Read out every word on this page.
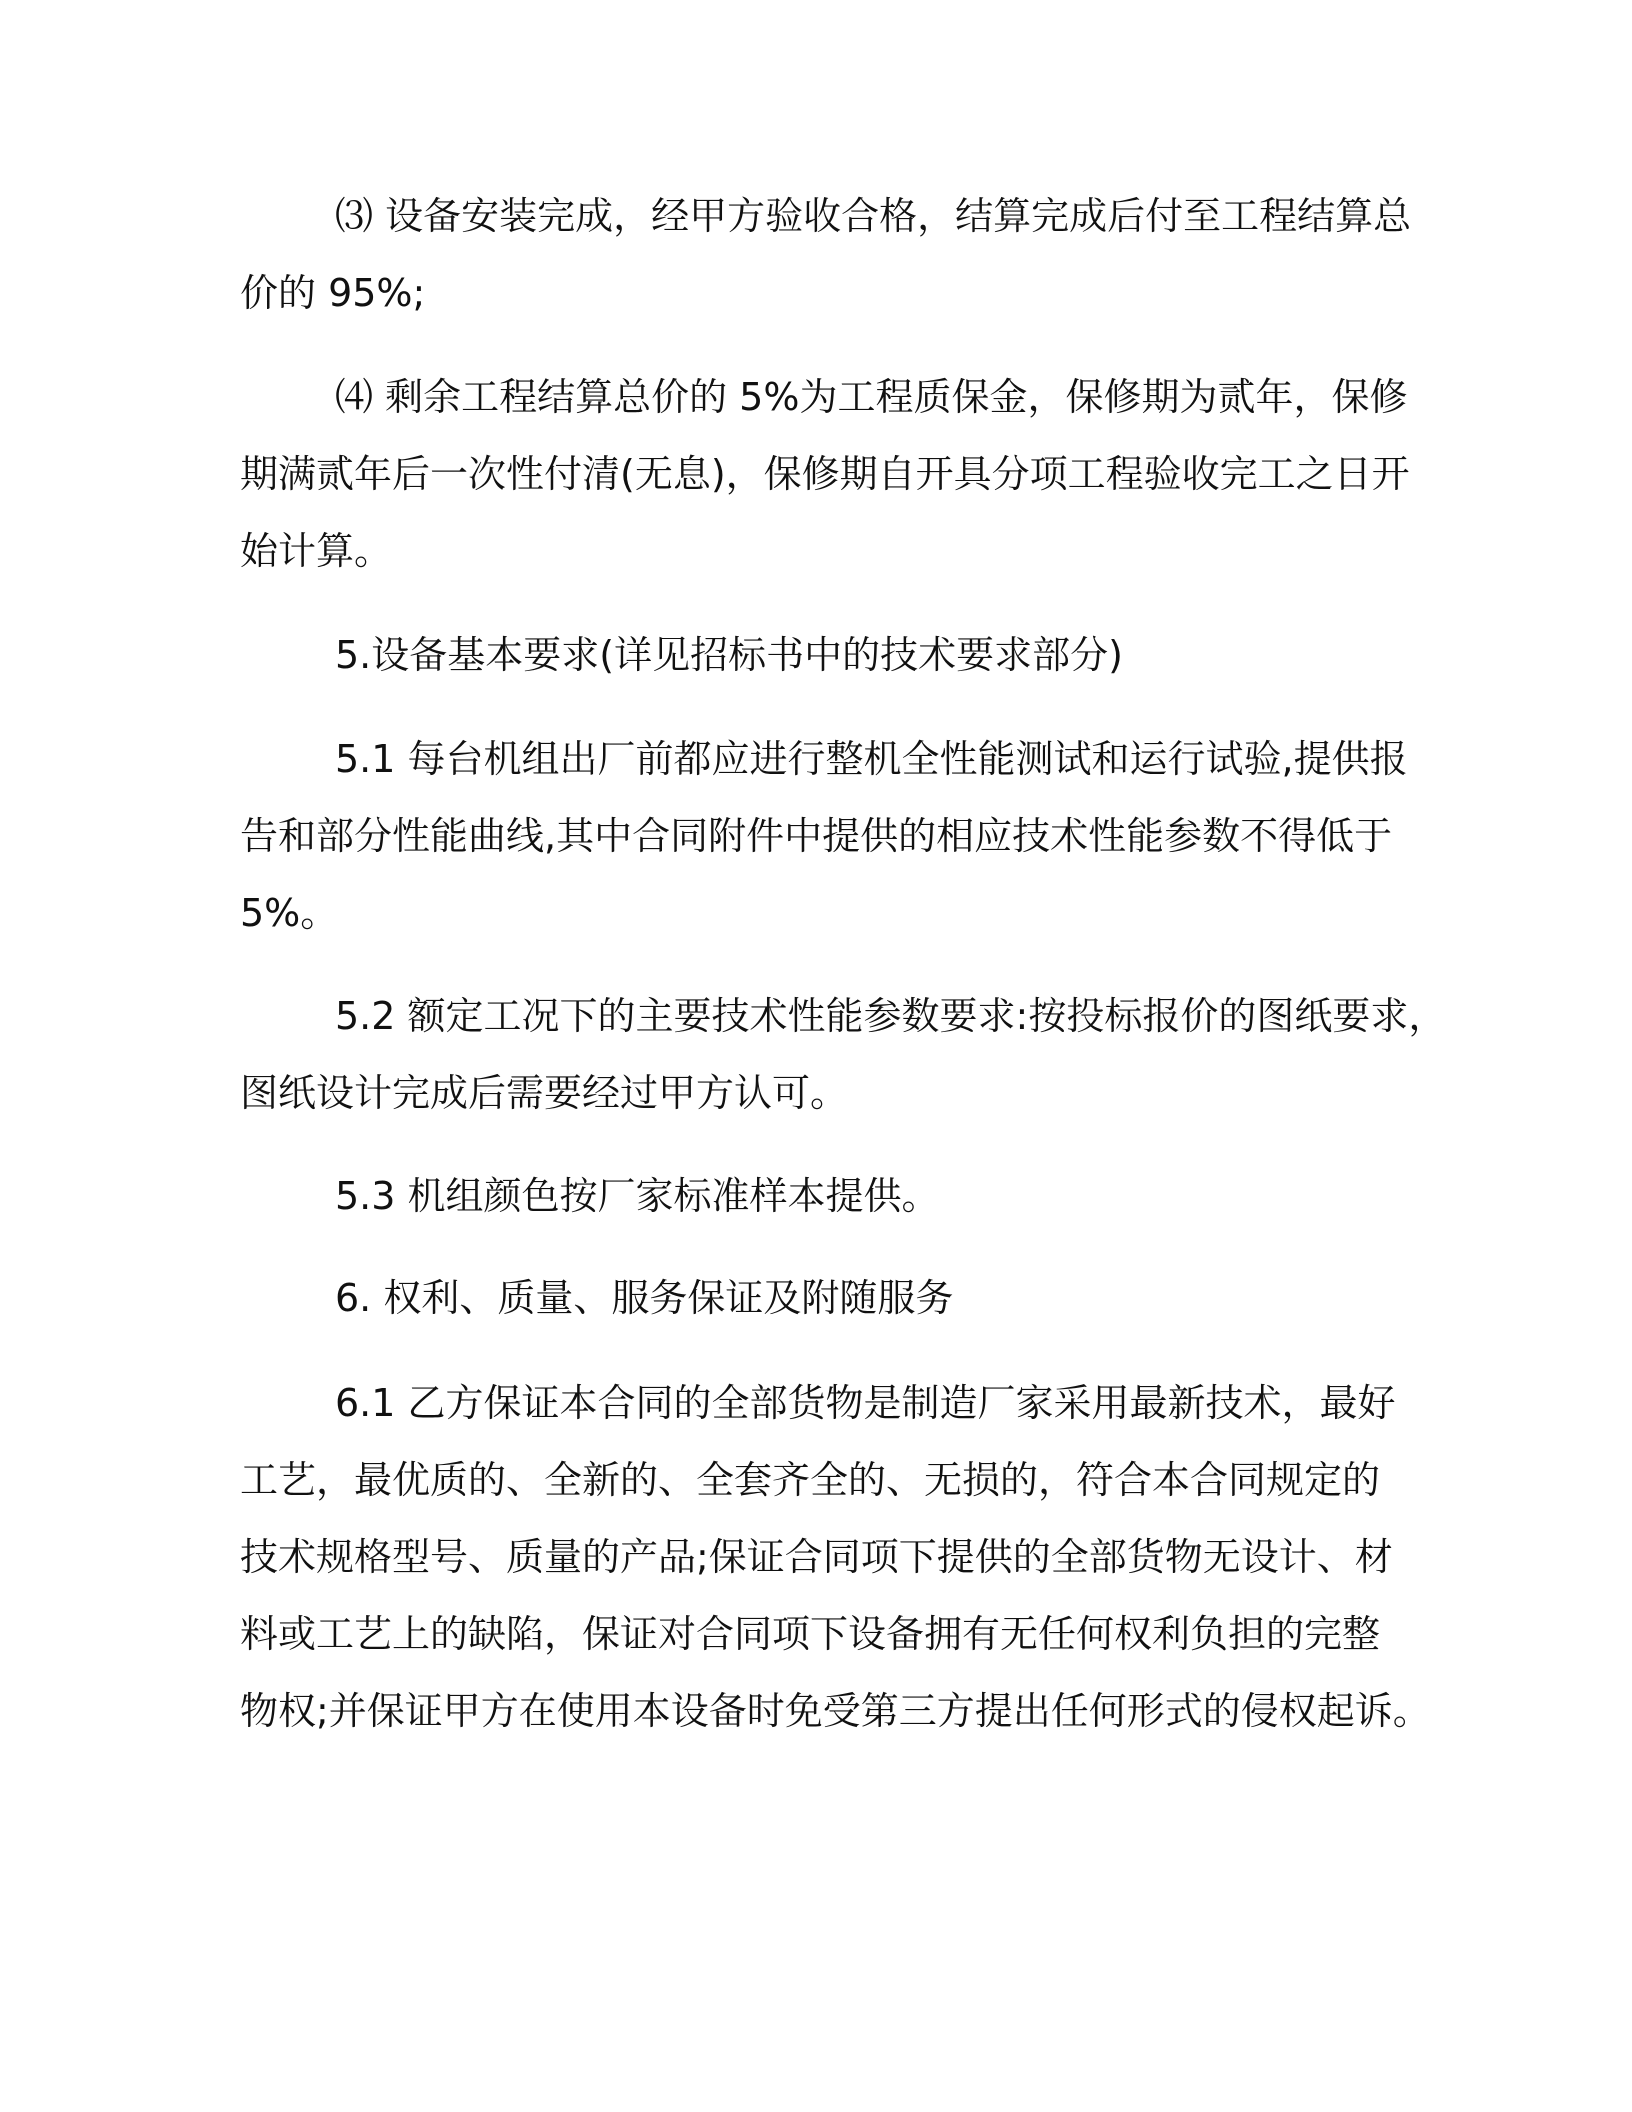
⑶ 设备安装完成，经甲方验收合格，结算完成后付至工程结算总
价的 95%;
⑷ 剩余工程结算总价的 5%为工程质保金，保修期为贰年，保修
期满贰年后一次性付清(无息)，保修期自开具分项工程验收完工之日开
始计算。
5.设备基本要求(详见招标书中的技术要求部分)
5.1 每台机组出厂前都应进行整机全性能测试和运行试验,提供报
告和部分性能曲线,其中合同附件中提供的相应技术性能参数不得低于
5%。
5.2 额定工况下的主要技术性能参数要求:按投标报价的图纸要求，
图纸设计完成后需要经过甲方认可。
5.3 机组颜色按厂家标准样本提供。
6. 权利、质量、服务保证及附随服务
6.1 乙方保证本合同的全部货物是制造厂家采用最新技术，最好
工艺，最优质的、全新的、全套齐全的、无损的，符合本合同规定的
技术规格型号、质量的产品;保证合同项下提供的全部货物无设计、材
料或工艺上的缺陷，保证对合同项下设备拥有无任何权利负担的完整
物权;并保证甲方在使用本设备时免受第三方提出任何形式的侵权起诉。
